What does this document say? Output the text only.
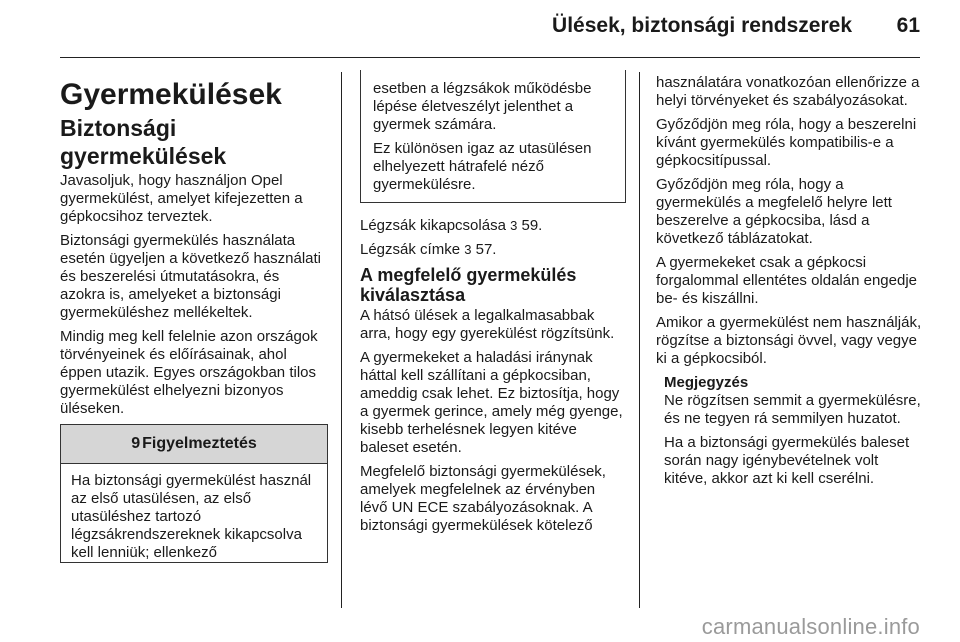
Ülések, biztonsági rendszerek 61
Gyermekülések
Biztonsági gyermekülések

Javasoljuk, hogy használjon Opel gyermekülést, amelyet kifejezetten a gépkocsihoz terveztek.

Biztonsági gyermekülés használata esetén ügyeljen a következő használati és beszerelési útmutatásokra, és azokra is, amelyeket a biztonsági gyermeküléshez mellékeltek.

Mindig meg kell felelnie azon országok törvényeinek és előírásainak, ahol éppen utazik. Egyes országokban tilos gyermekülést elhelyezni bizonyos üléseken.

9 Figyelmeztetés
Ha biztonsági gyermekülést használ az első utasülésen, az első utasüléshez tartozó légzsákrendszereknek kikapcsolva kell lenniük; ellenkező

esetben a légzsákok működésbe lépése életveszélyt jelenthet a gyermek számára.

Ez különösen igaz az utasülésen elhelyezett hátrafelé néző gyermekülésre.

Légzsák kikapcsolása 3 59.

Légzsák címke 3 57.

A megfelelő gyermekülés kiválasztása

A hátsó ülések a legalkalmasabbak arra, hogy egy gyerekülést rögzítsünk.

A gyermekeket a haladási iránynak háttal kell szállítani a gépkocsiban, ameddig csak lehet. Ez biztosítja, hogy a gyermek gerince, amely még gyenge, kisebb terhelésnek legyen kitéve baleset esetén.

Megfelelő biztonsági gyermekülések, amelyek megfelelnek az érvényben lévő UN ECE szabályozásoknak. A biztonsági gyermekülések kötelező

használatára vonatkozóan ellenőrizze a helyi törvényeket és szabályozásokat.

Győződjön meg róla, hogy a beszerelni kívánt gyermekülés kompatibilis-e a gépkocsitípussal.

Győződjön meg róla, hogy a gyermekülés a megfelelő helyre lett beszerelve a gépkocsiba, lásd a következő táblázatokat.

A gyermekeket csak a gépkocsi forgalommal ellentétes oldalán engedje be- és kiszállni.

Amikor a gyermekülést nem használják, rögzítse a biztonsági övvel, vagy vegye ki a gépkocsiból.

Megjegyzés

Ne rögzítsen semmit a gyermekülésre, és ne tegyen rá semmilyen huzatot.

Ha a biztonsági gyermekülés baleset során nagy igénybevételnek volt kitéve, akkor azt ki kell cserélni.

carmanualsonline.info
